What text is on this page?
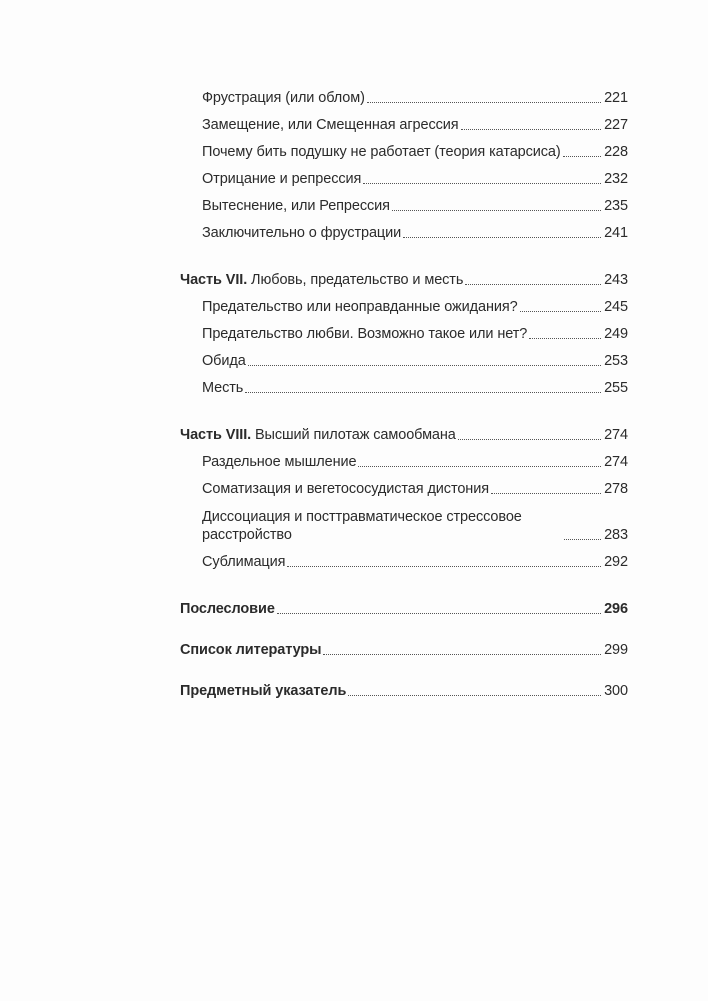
Фрустрация (или облом)	221
Замещение, или Смещенная агрессия	227
Почему бить подушку не работает (теория катарсиса)	228
Отрицание и репрессия	232
Вытеснение, или Репрессия	235
Заключительно о фрустрации	241
Часть VII. Любовь, предательство и месть	243
Предательство или неоправданные ожидания?	245
Предательство любви. Возможно такое или нет?	249
Обида	253
Месть	255
Часть VIII. Высший пилотаж самообмана	274
Раздельное мышление	274
Соматизация и вегетососудистая дистония	278
Диссоциация и посттравматическое стрессовое расстройство	283
Сублимация	292
Послесловие	296
Список литературы	299
Предметный указатель	300
